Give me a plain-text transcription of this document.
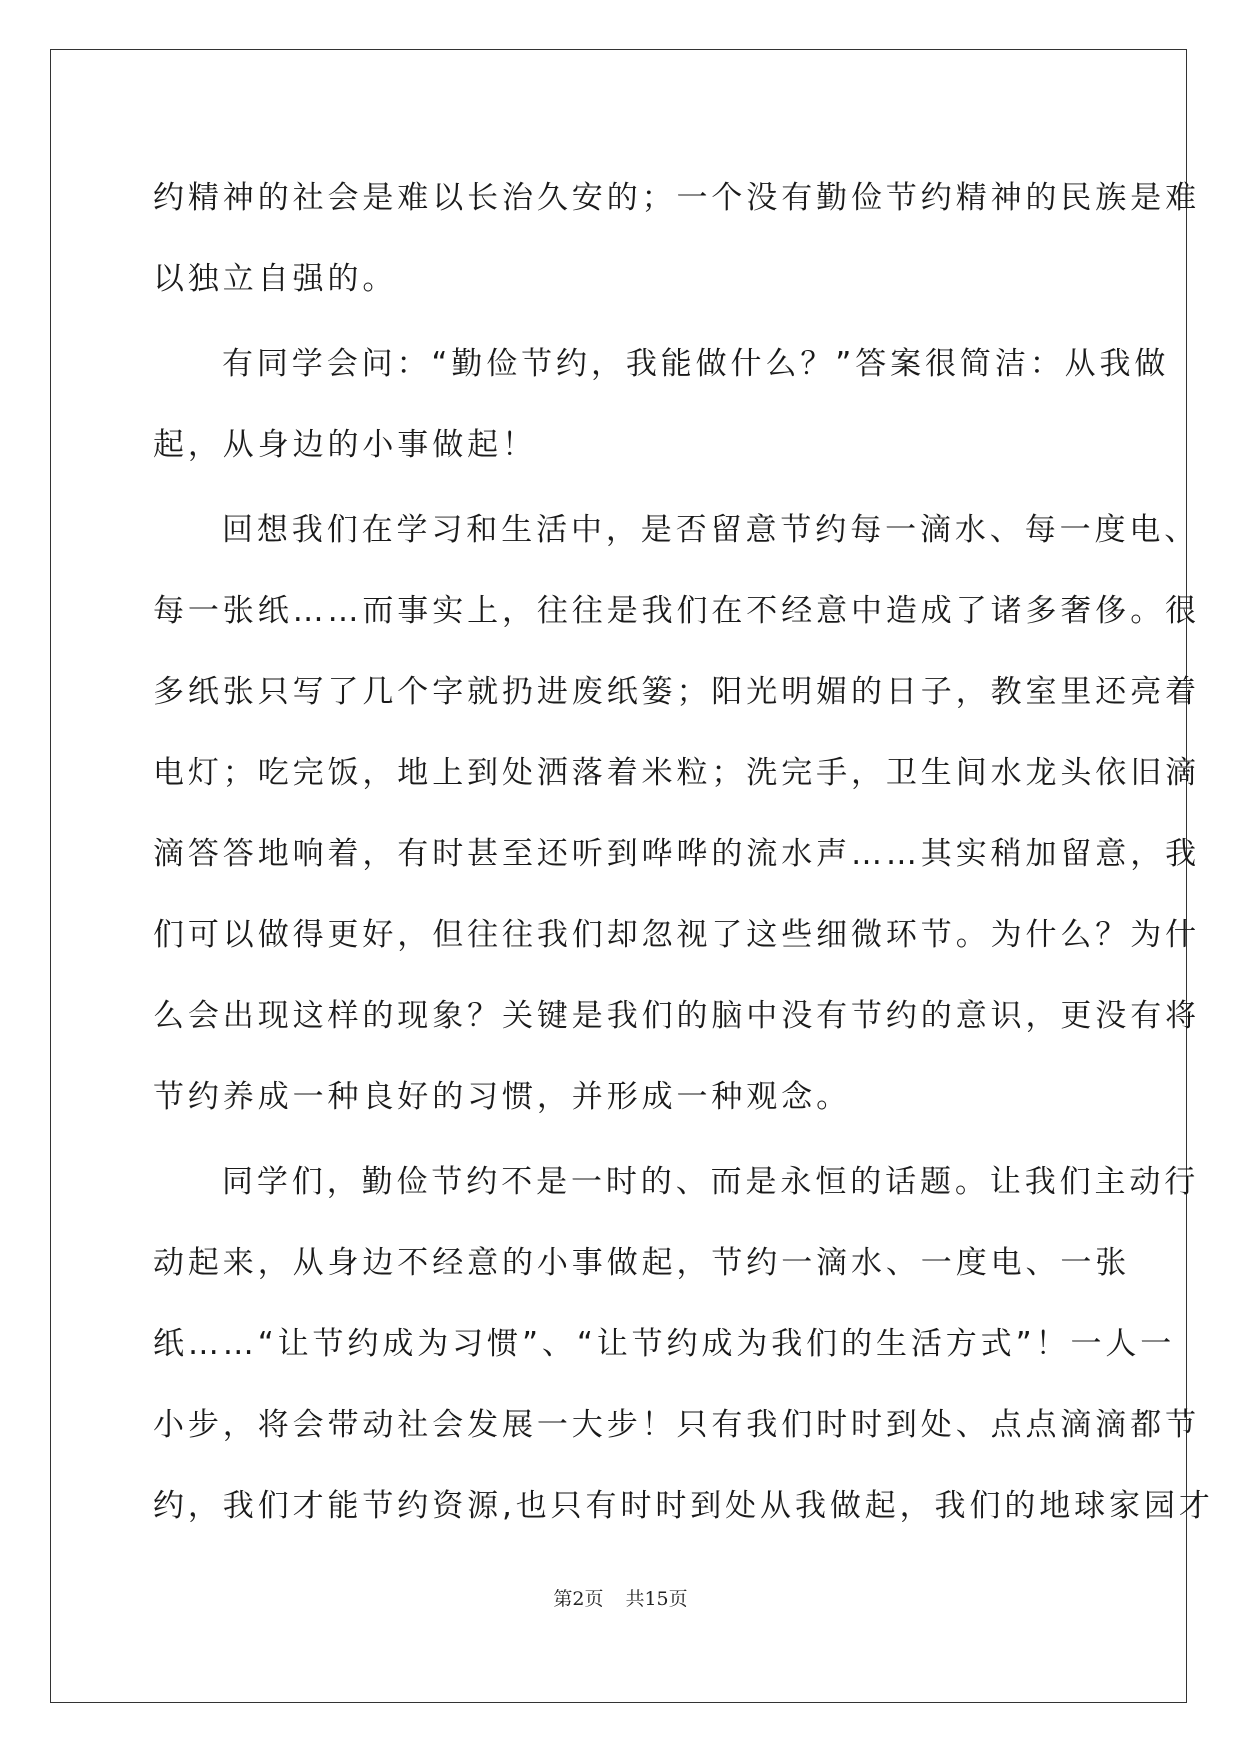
约精神的社会是难以长治久安的；一个没有勤俭节约精神的民族是难
以独立自强的。
有同学会问：“勤俭节约，我能做什么？”答案很简洁：从我做
起，从身边的小事做起！
回想我们在学习和生活中，是否留意节约每一滴水、每一度电、
每一张纸……而事实上，往往是我们在不经意中造成了诸多奢侈。很
多纸张只写了几个字就扔进废纸篓；阳光明媚的日子，教室里还亮着
电灯；吃完饭，地上到处洒落着米粒；洗完手，卫生间水龙头依旧滴
滴答答地响着，有时甚至还听到哗哗的流水声……其实稍加留意，我
们可以做得更好，但往往我们却忽视了这些细微环节。为什么？为什
么会出现这样的现象？关键是我们的脑中没有节约的意识，更没有将
节约养成一种良好的习惯，并形成一种观念。
同学们，勤俭节约不是一时的、而是永恒的话题。让我们主动行
动起来，从身边不经意的小事做起，节约一滴水、一度电、一张
纸……“让节约成为习惯”、“让节约成为我们的生活方式”！一人一
小步，将会带动社会发展一大步！只有我们时时到处、点点滴滴都节
约，我们才能节约资源,也只有时时到处从我做起，我们的地球家园才
第2页 共15页
